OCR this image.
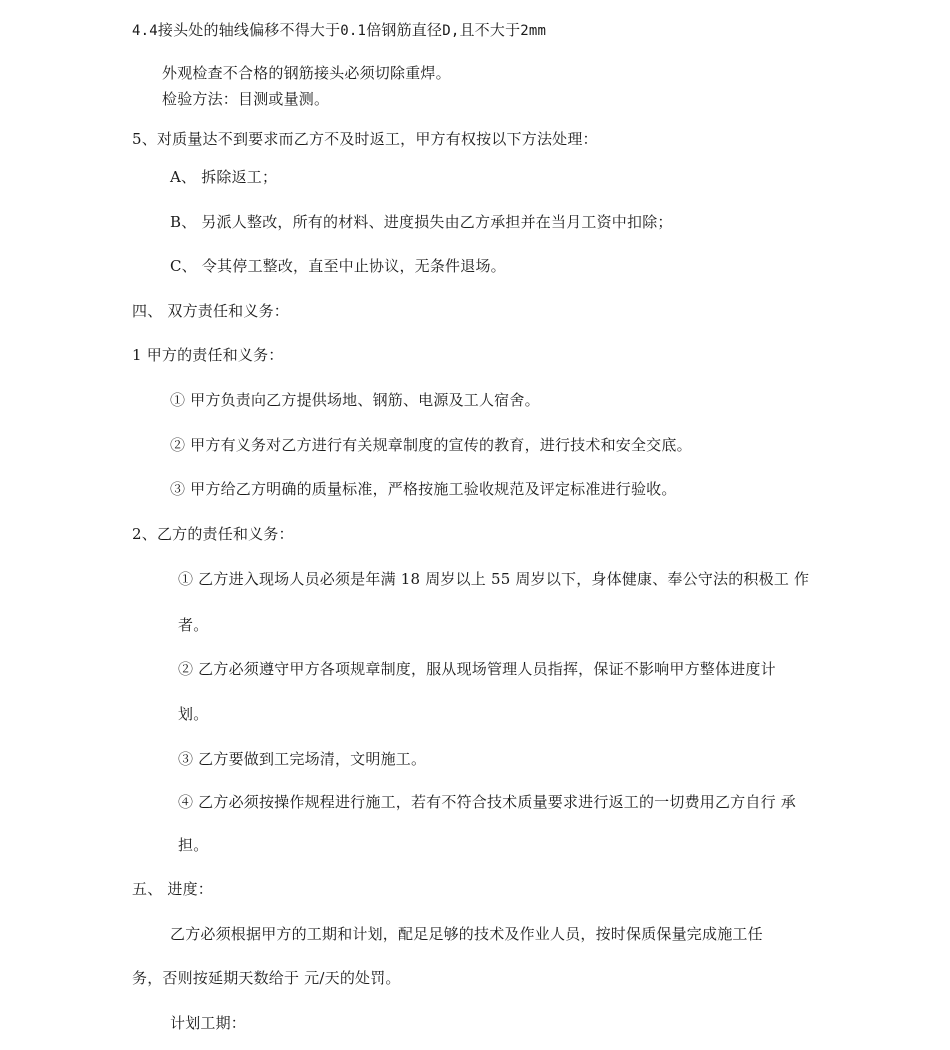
4.4接头处的轴线偏移不得大于0.1倍钢筋直径D,且不大于2mm
外观检查不合格的钢筋接头必须切除重焊。
检验方法：目测或量测。
5、对质量达不到要求而乙方不及时返工，甲方有权按以下方法处理：
A、 拆除返工；
B、 另派人整改，所有的材料、进度损失由乙方承担并在当月工资中扣除；
C、 令其停工整改，直至中止协议，无条件退场。
四、 双方责任和义务：
1 甲方的责任和义务：
① 甲方负责向乙方提供场地、钢筋、电源及工人宿舍。
② 甲方有义务对乙方进行有关规章制度的宣传的教育，进行技术和安全交底。
③ 甲方给乙方明确的质量标准，严格按施工验收规范及评定标准进行验收。
2、乙方的责任和义务：
① 乙方进入现场人员必须是年满 18 周岁以上 55 周岁以下，身体健康、奉公守法的积极工 作
者。
② 乙方必须遵守甲方各项规章制度，服从现场管理人员指挥，保证不影响甲方整体进度计
划。
③ 乙方要做到工完场清，文明施工。
④ 乙方必须按操作规程进行施工，若有不符合技术质量要求进行返工的一切费用乙方自行 承
担。
五、 进度：
乙方必须根据甲方的工期和计划，配足足够的技术及作业人员，按时保质保量完成施工任
务，否则按延期天数给于 元/天的处罚。
计划工期：
